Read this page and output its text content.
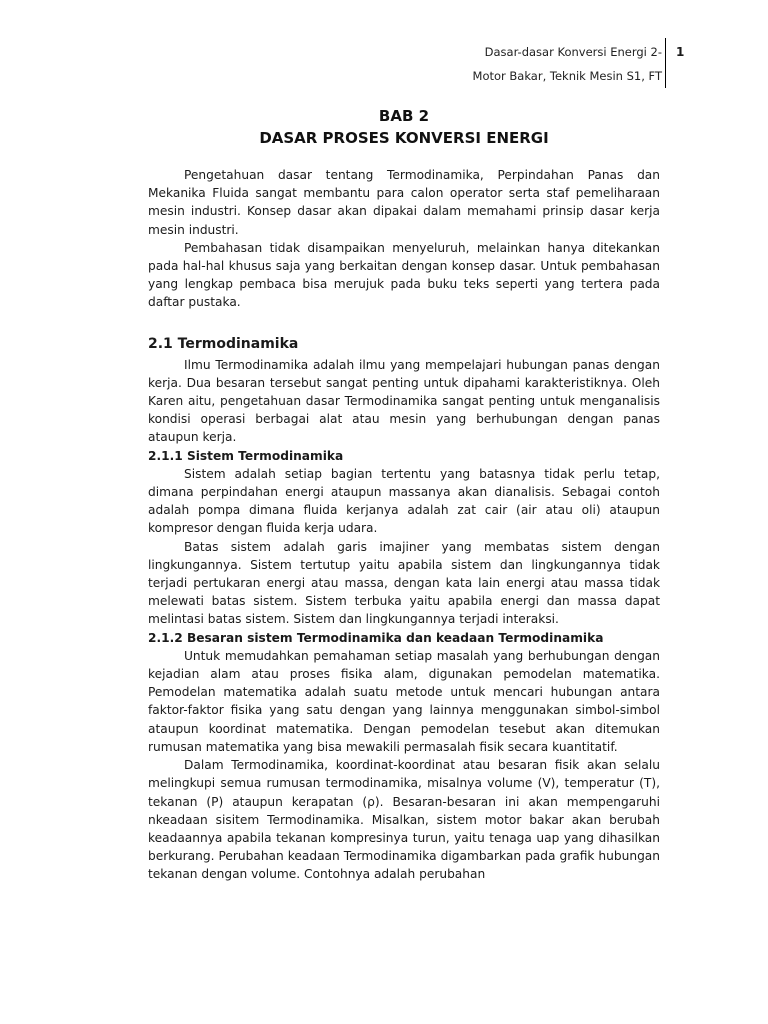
Dasar-dasar Konversi Energi 2-
Motor Bakar, Teknik Mesin S1, FT
1
BAB 2
DASAR PROSES KONVERSI ENERGI

Pengetahuan dasar tentang Termodinamika, Perpindahan Panas dan Mekanika Fluida sangat membantu para calon operator serta staf pemeliharaan mesin industri. Konsep dasar akan dipakai dalam memahami prinsip dasar kerja mesin industri.

Pembahasan tidak disampaikan menyeluruh, melainkan hanya ditekankan pada hal-hal khusus saja yang berkaitan dengan konsep dasar. Untuk pembahasan yang lengkap pembaca bisa merujuk pada buku teks seperti yang tertera pada daftar pustaka.

2.1 Termodinamika

Ilmu Termodinamika adalah ilmu yang mempelajari hubungan panas dengan kerja. Dua besaran tersebut sangat penting untuk dipahami karakteristiknya. Oleh Karen aitu, pengetahuan dasar Termodinamika sangat penting untuk menganalisis kondisi operasi berbagai alat atau mesin yang berhubungan dengan panas ataupun kerja.

2.1.1 Sistem Termodinamika

Sistem adalah setiap bagian tertentu yang batasnya tidak perlu tetap, dimana perpindahan energi ataupun massanya akan dianalisis. Sebagai contoh adalah pompa dimana fluida kerjanya adalah zat cair (air atau oli) ataupun kompresor dengan fluida kerja udara.

Batas sistem adalah garis imajiner yang membatas sistem dengan lingkungannya. Sistem tertutup yaitu apabila sistem dan lingkungannya tidak terjadi pertukaran energi atau massa, dengan kata lain energi atau massa tidak melewati batas sistem. Sistem terbuka yaitu apabila energi dan massa dapat melintasi batas sistem. Sistem dan lingkungannya terjadi interaksi.

2.1.2 Besaran sistem Termodinamika dan keadaan Termodinamika

Untuk memudahkan pemahaman setiap masalah yang berhubungan dengan kejadian alam atau proses fisika alam, digunakan pemodelan matematika. Pemodelan matematika adalah suatu metode untuk mencari hubungan antara faktor-faktor fisika yang satu dengan yang lainnya menggunakan simbol-simbol ataupun koordinat matematika. Dengan pemodelan tesebut akan ditemukan rumusan matematika yang bisa mewakili permasalah fisik secara kuantitatif.

Dalam Termodinamika, koordinat-koordinat atau besaran fisik akan selalu melingkupi semua rumusan termodinamika, misalnya volume (V), temperatur (T), tekanan (P) ataupun kerapatan (ρ). Besaran-besaran ini akan mempengaruhi nkeadaan sisitem Termodinamika. Misalkan, sistem motor bakar akan berubah keadaannya apabila tekanan kompresinya turun, yaitu tenaga uap yang dihasilkan berkurang. Perubahan keadaan Termodinamika digambarkan pada grafik hubungan tekanan dengan volume. Contohnya adalah perubahan
